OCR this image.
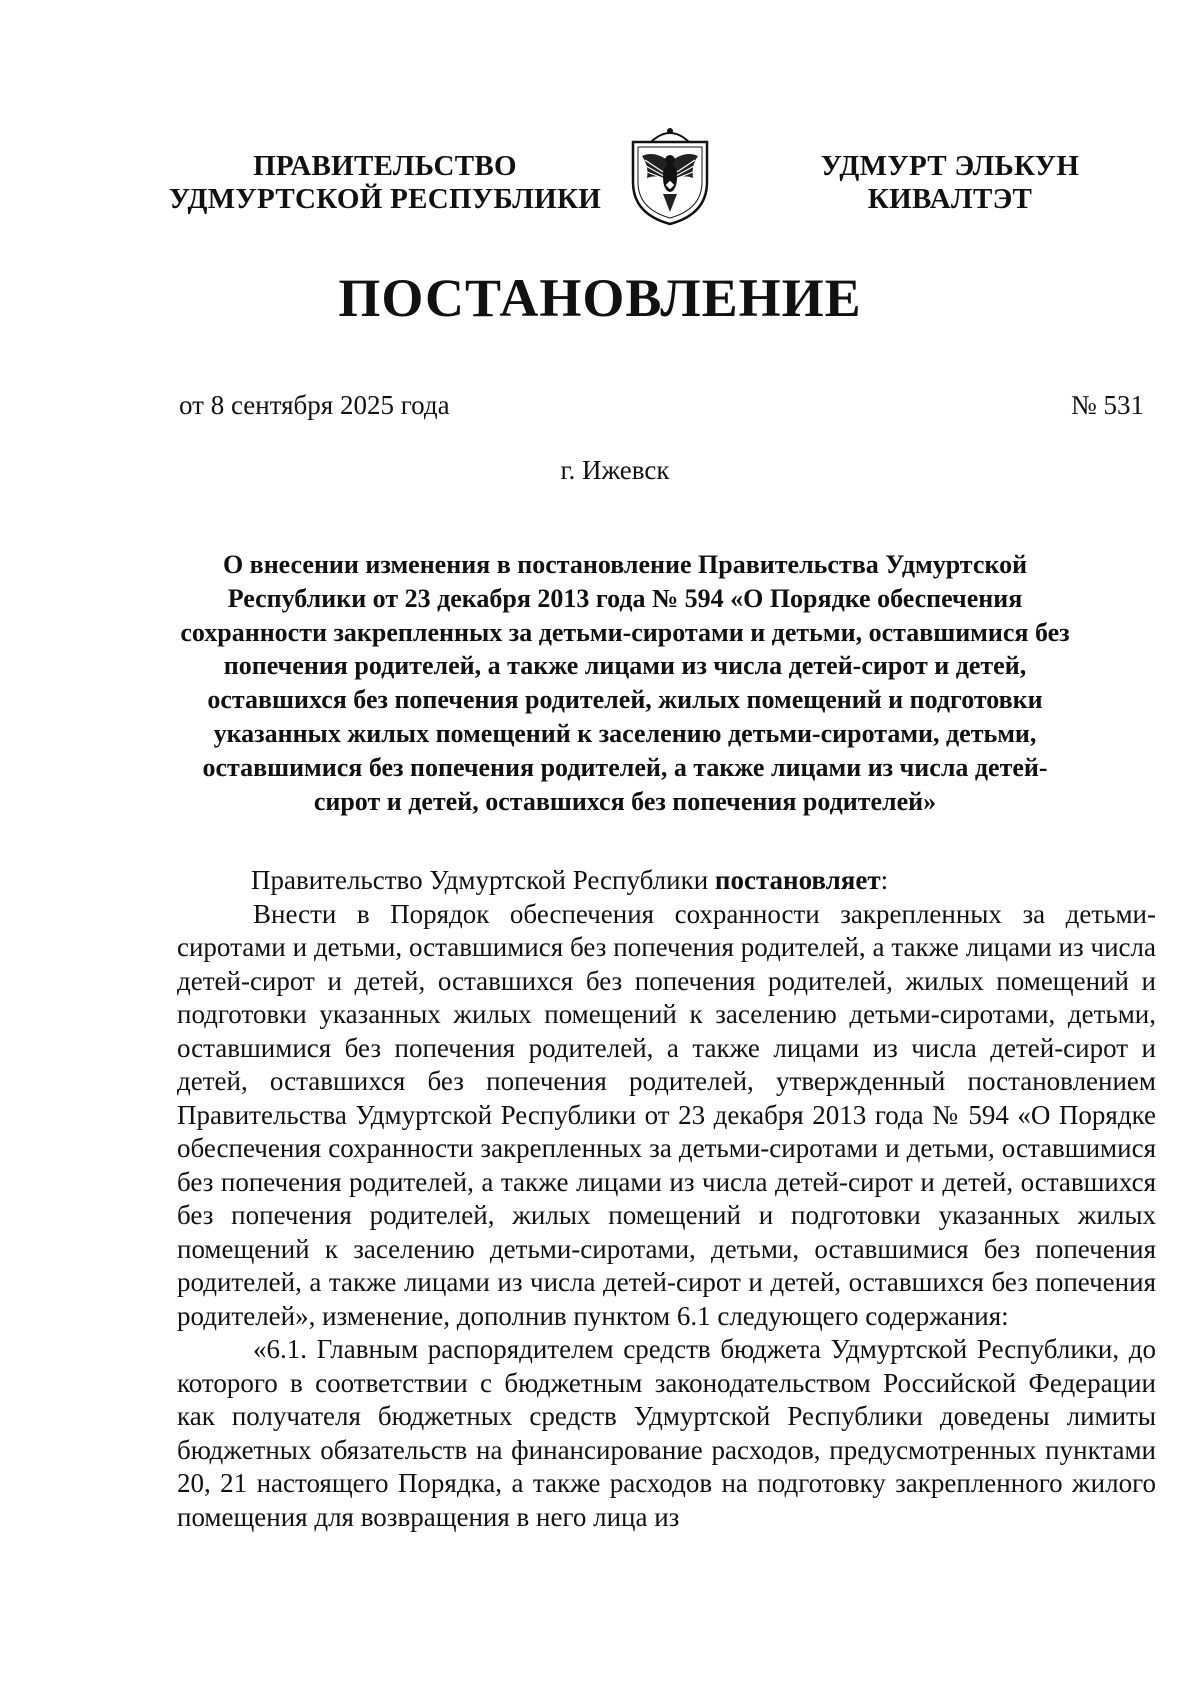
ПРАВИТЕЛЬСТВО УДМУРТСКОЙ РЕСПУБЛИКИ
УДМУРТ ЭЛЬКУН КИВАЛТЭТ
ПОСТАНОВЛЕНИЕ
от 8 сентября 2025 года	№ 531
г. Ижевск
О внесении изменения в постановление Правительства Удмуртской Республики от 23 декабря 2013 года № 594 «О Порядке обеспечения сохранности закрепленных за детьми-сиротами и детьми, оставшимися без попечения родителей, а также лицами из числа детей-сирот и детей, оставшихся без попечения родителей, жилых помещений и подготовки указанных жилых помещений к заселению детьми-сиротами, детьми, оставшимися без попечения родителей, а также лицами из числа детей-сирот и детей, оставшихся без попечения родителей»

Правительство Удмуртской Республики постановляет:

Внести в Порядок обеспечения сохранности закрепленных за детьми-сиротами и детьми, оставшимися без попечения родителей, а также лицами из числа детей-сирот и детей, оставшихся без попечения родителей, жилых помещений и подготовки указанных жилых помещений к заселению детьми-сиротами, детьми, оставшимися без попечения родителей, а также лицами из числа детей-сирот и детей, оставшихся без попечения родителей, утвержденный постановлением Правительства Удмуртской Республики от 23 декабря 2013 года № 594 «О Порядке обеспечения сохранности закрепленных за детьми-сиротами и детьми, оставшимися без попечения родителей, а также лицами из числа детей-сирот и детей, оставшихся без попечения родителей, жилых помещений и подготовки указанных жилых помещений к заселению детьми-сиротами, детьми, оставшимися без попечения родителей, а также лицами из числа детей-сирот и детей, оставшихся без попечения родителей», изменение, дополнив пунктом 6.1 следующего содержания:

«6.1. Главным распорядителем средств бюджета Удмуртской Республики, до которого в соответствии с бюджетным законодательством Российской Федерации как получателя бюджетных средств Удмуртской Республики доведены лимиты бюджетных обязательств на финансирование расходов, предусмотренных пунктами 20, 21 настоящего Порядка, а также расходов на подготовку закрепленного жилого помещения для возвращения в него лица из
